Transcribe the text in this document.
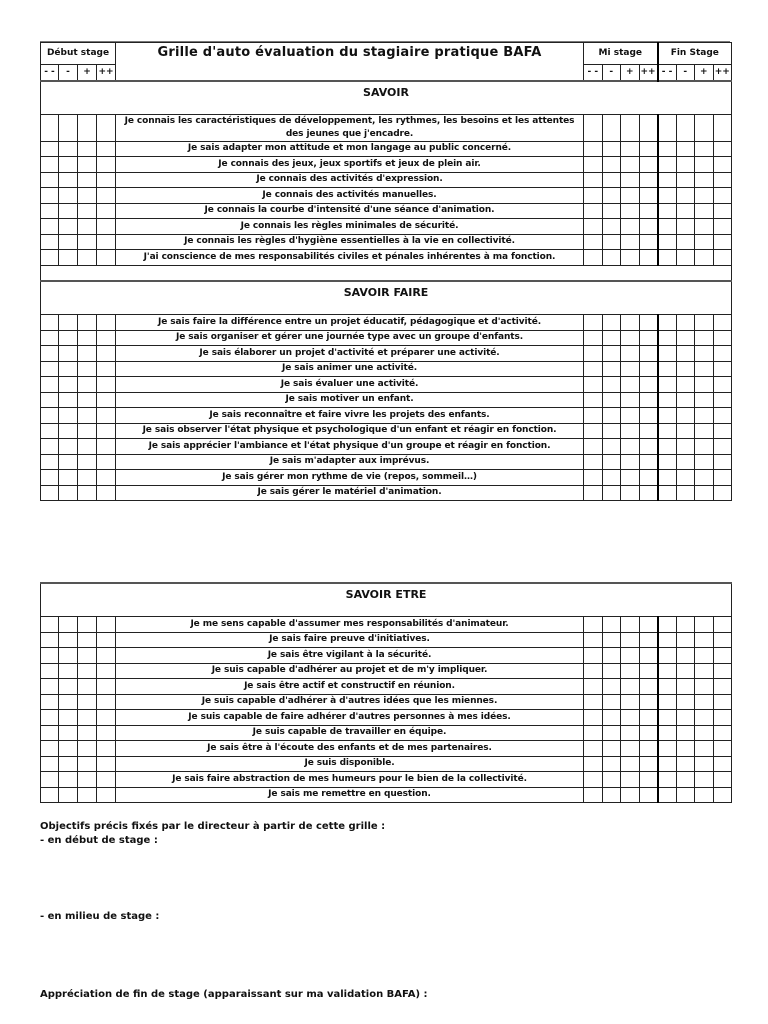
Début stage				Grille d'auto évaluation du stagiaire pratique BAFA	Mi stage				Fin Stage			
- -	-	+	++		- -	-	+	++	- -	-	+	++
SAVOIR												
				Je connais les caractéristiques de développement, les rythmes, les besoins et les attentes des jeunes que j'encadre.								
				Je sais adapter mon attitude et mon langage au public concerné.								
				Je connais des jeux, jeux sportifs et jeux de plein air.								
				Je connais des activités d'expression.								
				Je connais des activités manuelles.								
				Je connais la courbe d'intensité d'une séance d'animation.								
				Je connais les règles minimales de sécurité.								
				Je connais les règles d'hygiène essentielles à la vie en collectivité.								
				J'ai conscience de mes responsabilités civiles et pénales inhérentes à ma fonction.								

SAVOIR FAIRE												
				Je sais faire la différence entre un projet éducatif, pédagogique et d'activité.								
				Je sais organiser et gérer une journée type avec un groupe d'enfants.								
				Je sais élaborer un projet d'activité et préparer une activité.								
				Je sais animer une activité.								
				Je sais évaluer une activité.								
				Je sais motiver un enfant.								
				Je sais reconnaître et faire vivre les projets des enfants.								
				Je sais observer l'état physique et psychologique d'un enfant et réagir en fonction.								
				Je sais apprécier l'ambiance et l'état physique d'un groupe et réagir en fonction.								
				Je sais m'adapter aux imprévus.								
				Je sais gérer mon rythme de vie (repos, sommeil…)								
				Je sais gérer le matériel d'animation.								
SAVOIR ETRE												
				Je me sens capable d'assumer mes responsabilités d'animateur.								
				Je sais faire preuve d'initiatives.								
				Je sais être vigilant à la sécurité.								
				Je suis capable d'adhérer au projet et de m'y impliquer.								
				Je sais être actif et constructif en réunion.								
				Je suis capable d'adhérer à d'autres idées que les miennes.								
				Je suis capable de faire adhérer d'autres personnes à mes idées.								
				Je suis capable de travailler en équipe.								
				Je sais être à l'écoute des enfants et de mes partenaires.								
				Je suis disponible.								
				Je sais faire abstraction de mes humeurs pour le bien de la collectivité.								
				Je sais me remettre en question.								
Objectifs précis fixés par le directeur à partir de cette grille :
- en début de stage :
- en milieu de stage :
Appréciation de fin de stage (apparaissant sur ma validation BAFA) :
